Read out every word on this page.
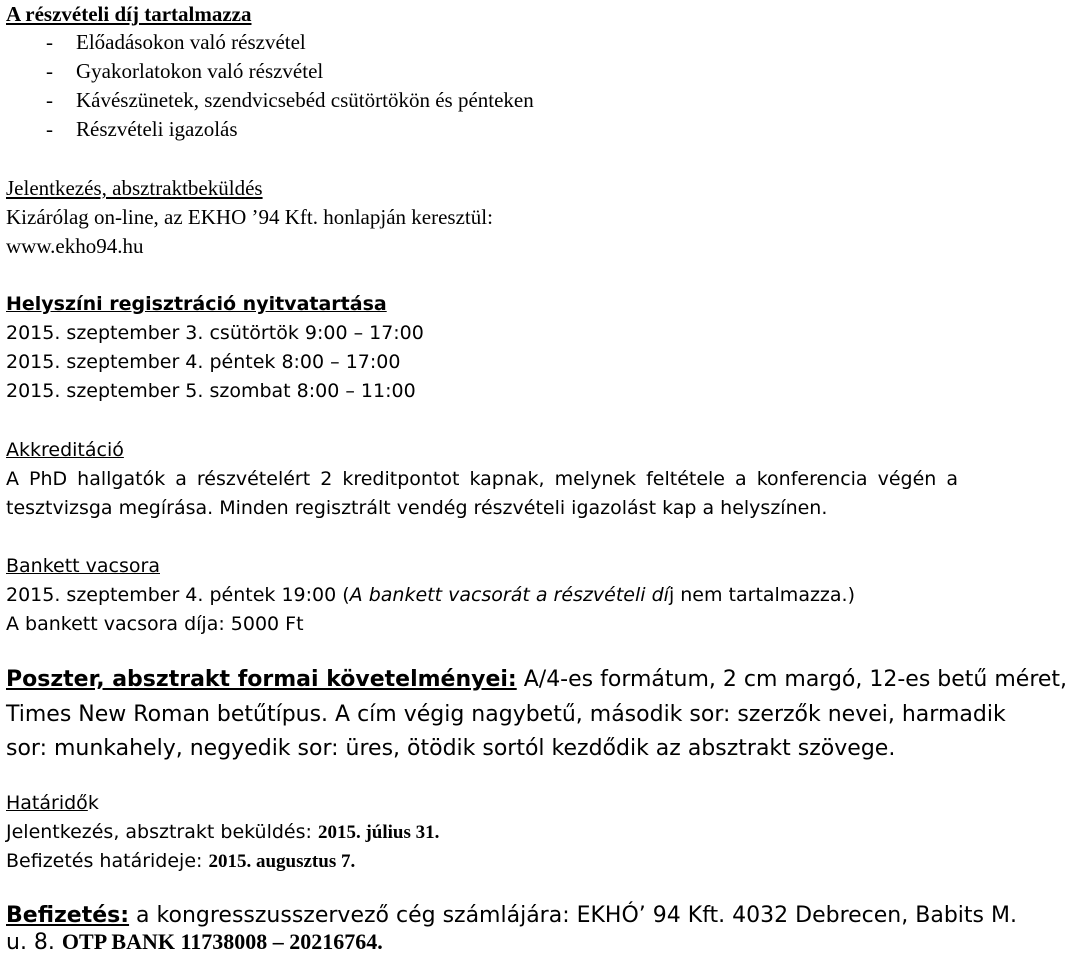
A részvételi díj tartalmazza
- Előadásokon való részvétel
- Gyakorlatokon való részvétel
- Kávészünetek, szendvicsebéd csütörtökön és pénteken
- Részvételi igazolás
Jelentkezés, absztraktbeküldés
Kizárólag on-line, az EKHO ’94 Kft. honlapján keresztül:
www.ekho94.hu
Helyszíni regisztráció nyitvatartása
2015. szeptember 3. csütörtök 9:00 – 17:00
2015. szeptember 4. péntek 8:00 – 17:00
2015. szeptember 5. szombat 8:00 – 11:00
Akkreditáció
A PhD hallgatók a részvételért 2 kreditpontot kapnak, melynek feltétele a konferencia végén a
tesztvizsga megírása. Minden regisztrált vendég részvételi igazolást kap a helyszínen.
Bankett vacsora
2015. szeptember 4. péntek 19:00 (A bankett vacsorát a részvételi díj nem tartalmazza.)
A bankett vacsora díja: 5000 Ft
Poszter, absztrakt formai követelményei: A/4-es formátum, 2 cm margó, 12-es betű méret,
Times New Roman betűtípus. A cím végig nagybetű, második sor: szerzők nevei, harmadik
sor: munkahely, negyedik sor: üres, ötödik sortól kezdődik az absztrakt szövege.
Határidők
Jelentkezés, absztrakt beküldés: 2015. július 31.
Befizetés határideje: 2015. augusztus 7.
Befizetés: a kongresszusszervező cég számlájára: EKHÓ’ 94 Kft. 4032 Debrecen, Babits M.
u. 8. OTP BANK 11738008 – 20216764.
